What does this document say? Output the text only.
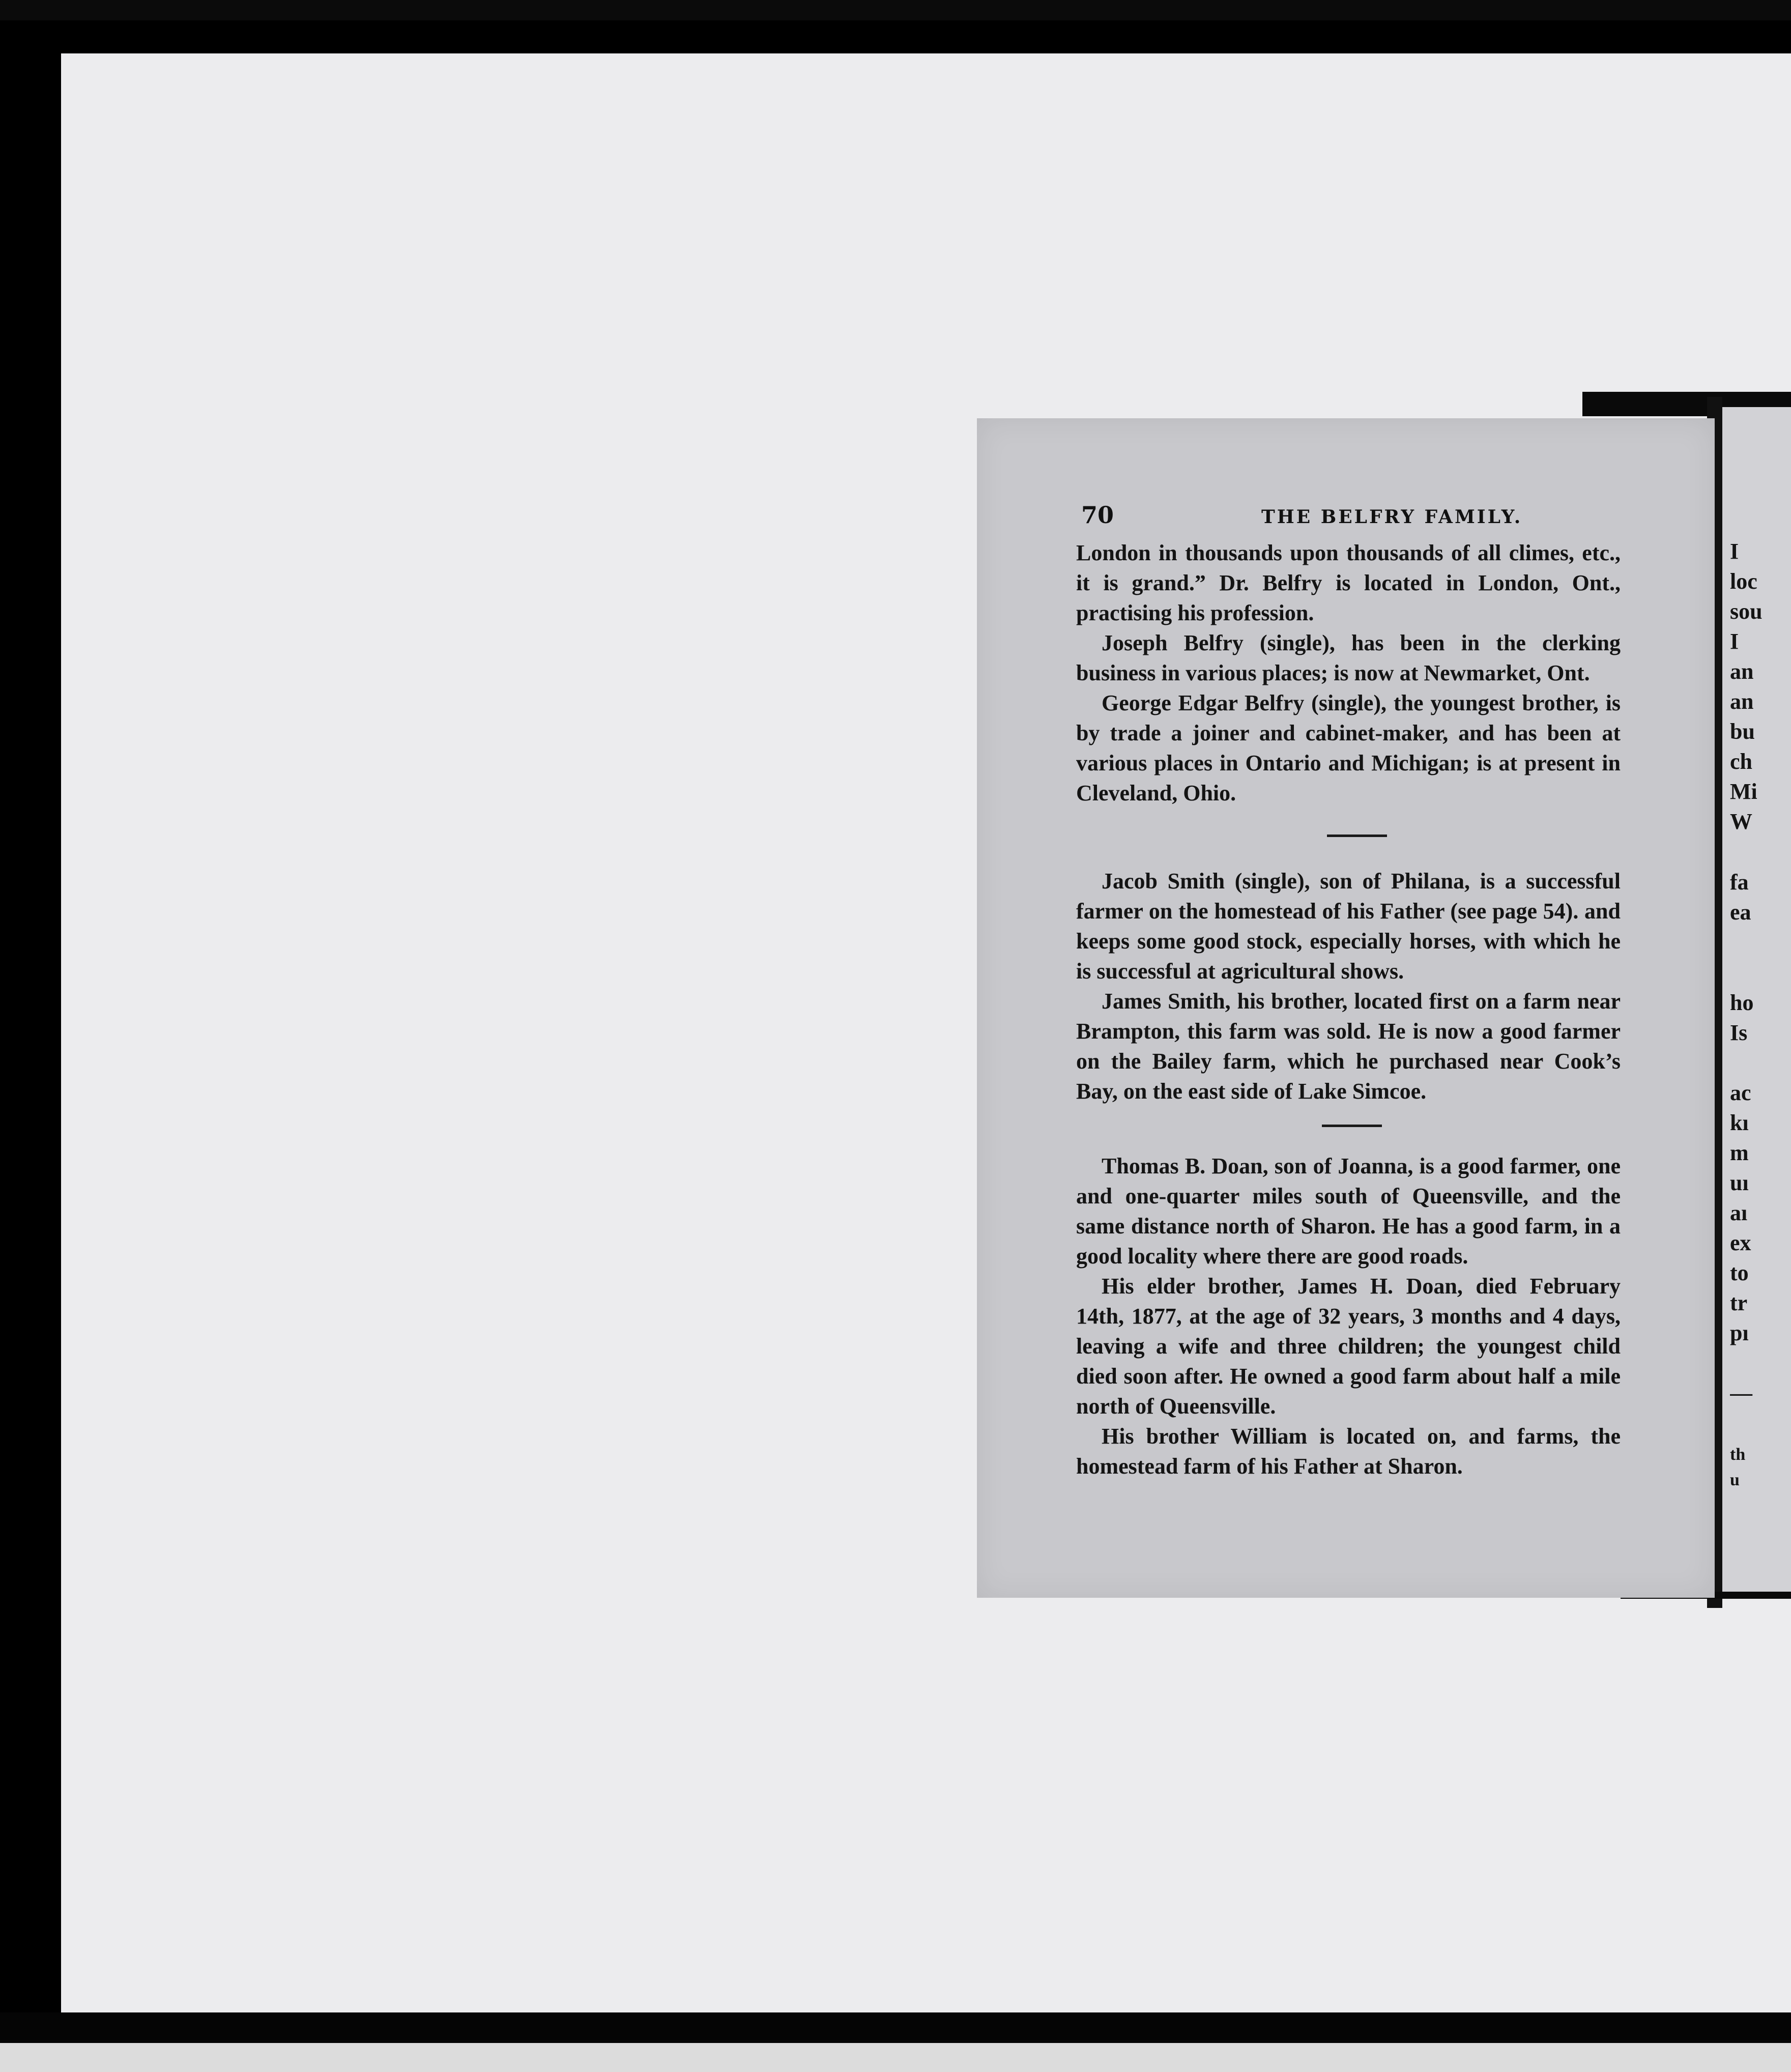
70	THE BELFRY FAMILY.

London in thousands upon thousands of all climes, etc., it is grand.” Dr. Belfry is located in London, Ont., practising his profession.

Joseph Belfry (single), has been in the clerking business in various places; is now at Newmarket, Ont.

George Edgar Belfry (single), the youngest brother, is by trade a joiner and cabinet-maker, and has been at various places in Ontario and Michigan; is at present in Cleveland, Ohio.

Jacob Smith (single), son of Philana, is a successful farmer on the homestead of his Father (see page 54). and keeps some good stock, especially horses, with which he is successful at agricultural shows.

James Smith, his brother, located first on a farm near Brampton, this farm was sold. He is now a good farmer on the Bailey farm, which he purchased near Cook’s Bay, on the east side of Lake Simcoe.

Thomas B. Doan, son of Joanna, is a good farmer, one and one-quarter miles south of Queensville, and the same distance north of Sharon. He has a good farm, in a good locality where there are good roads.

His elder brother, James H. Doan, died February 14th, 1877, at the age of 32 years, 3 months and 4 days, leaving a wife and three children; the youngest child died soon after. He owned a good farm about half a mile north of Queensville.

His brother William is located on, and farms, the homestead farm of his Father at Sharon.

I
loc
sou
I
an
an
bu
ch
Mi
W
fa
ea
ho
Is
ac
kı
m
uı
aı
ex
to
tr
pı
—
th
u
